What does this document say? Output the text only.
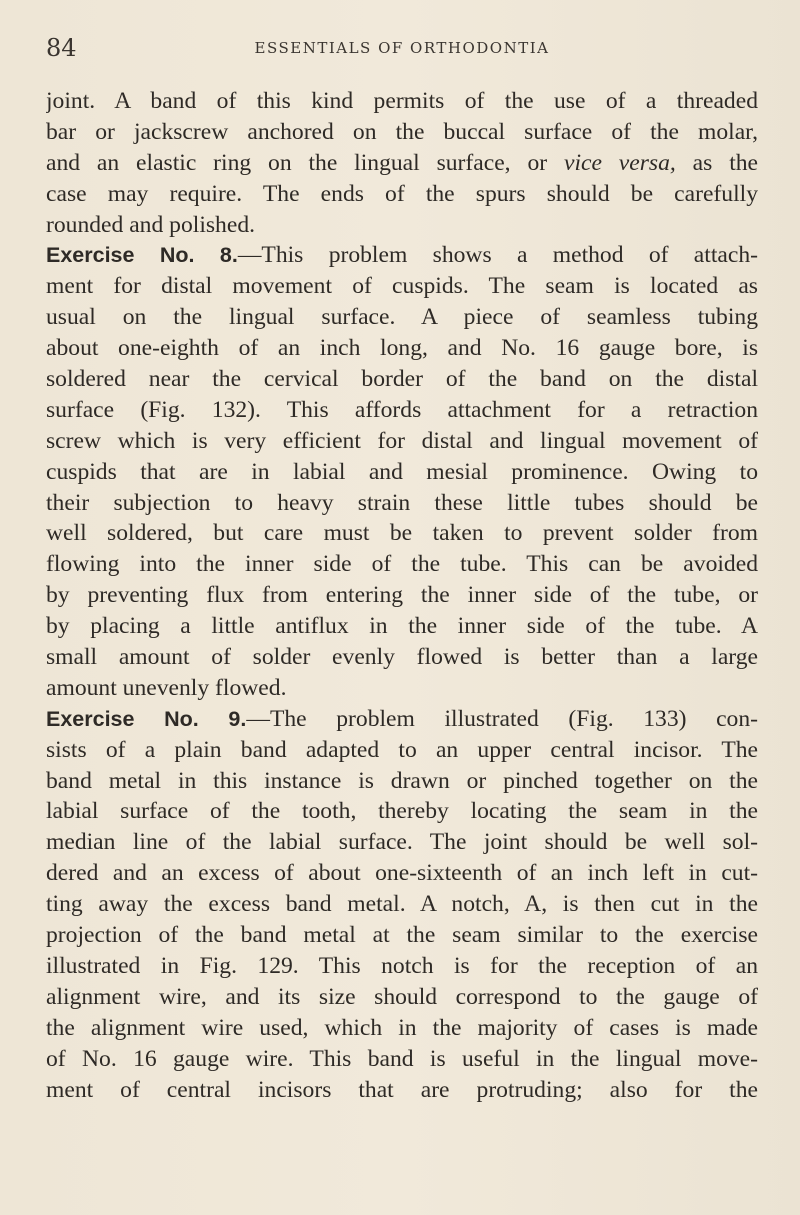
84	ESSENTIALS OF ORTHODONTIA
joint. A band of this kind permits of the use of a threaded
bar or jackscrew anchored on the buccal surface of the molar,
and an elastic ring on the lingual surface, or vice versa, as the
case may require. The ends of the spurs should be carefully
rounded and polished.
Exercise No. 8.—This problem shows a method of attach-
ment for distal movement of cuspids. The seam is located as
usual on the lingual surface. A piece of seamless tubing
about one-eighth of an inch long, and No. 16 gauge bore, is
soldered near the cervical border of the band on the distal
surface (Fig. 132). This affords attachment for a retraction
screw which is very efficient for distal and lingual movement of
cuspids that are in labial and mesial prominence. Owing to
their subjection to heavy strain these little tubes should be
well soldered, but care must be taken to prevent solder from
flowing into the inner side of the tube. This can be avoided
by preventing flux from entering the inner side of the tube, or
by placing a little antiflux in the inner side of the tube. A
small amount of solder evenly flowed is better than a large
amount unevenly flowed.
Exercise No. 9.—The problem illustrated (Fig. 133) con-
sists of a plain band adapted to an upper central incisor. The
band metal in this instance is drawn or pinched together on the
labial surface of the tooth, thereby locating the seam in the
median line of the labial surface. The joint should be well sol-
dered and an excess of about one-sixteenth of an inch left in cut-
ting away the excess band metal. A notch, A, is then cut in the
projection of the band metal at the seam similar to the exercise
illustrated in Fig. 129. This notch is for the reception of an
alignment wire, and its size should correspond to the gauge of
the alignment wire used, which in the majority of cases is made
of No. 16 gauge wire. This band is useful in the lingual move-
ment of central incisors that are protruding; also for the
